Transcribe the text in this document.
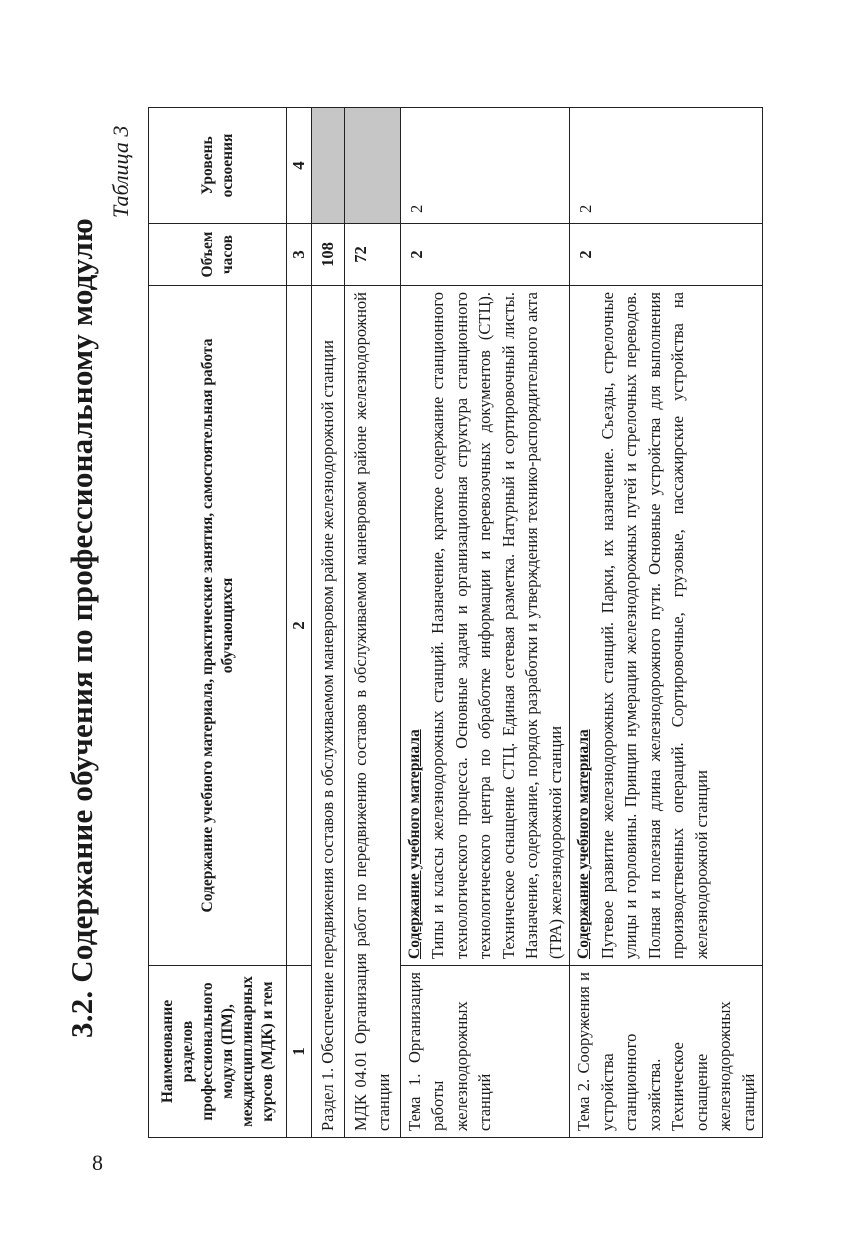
8
3.2. Содержание обучения по профессиональному модулю
Таблица 3
Наименование разделов профессионального модуля (ПМ), междисциплинарных курсов (МДК) и тем	Содержание учебного материала, практические занятия, самостоятельная работа обучающихся	Объем часов	Уровень освоения
1	2	3	4
Раздел 1. Обеспечение передвижения составов в обслуживаемом маневровом районе железнодорожной станции		108	
МДК 04.01 Организация работ по передвижению составов в обслуживаемом маневровом районе железнодорожной станции		72	
Тема 1. Организация работы железнодорожных станций	Содержание учебного материала Типы и классы железнодорожных станций. Назначение, краткое содержание станционного технологического процесса. Основные задачи и организационная структура станционного технологического центра по обработке информации и перевозочных документов (СТЦ). Техническое оснащение СТЦ. Единая сетевая разметка. Натурный и сортировочный листы. Назначение, содержание, порядок разработки и утверждения технико-распорядительного акта (ТРА) железнодорожной станции	2	2
Тема 2. Сооружения и устройства станционного хозяйства. Техническое оснащение железнодорожных станций	Содержание учебного материала Путевое развитие железнодорожных станций. Парки, их назначение. Съезды, стрелочные улицы и горловины. Принцип нумерации железнодорожных путей и стрелочных переводов. Полная и полезная длина железнодорожного пути. Основные устройства для выполнения производственных операций. Сортировочные, грузовые, пассажирские устройства на железнодорожной станции	2	2
